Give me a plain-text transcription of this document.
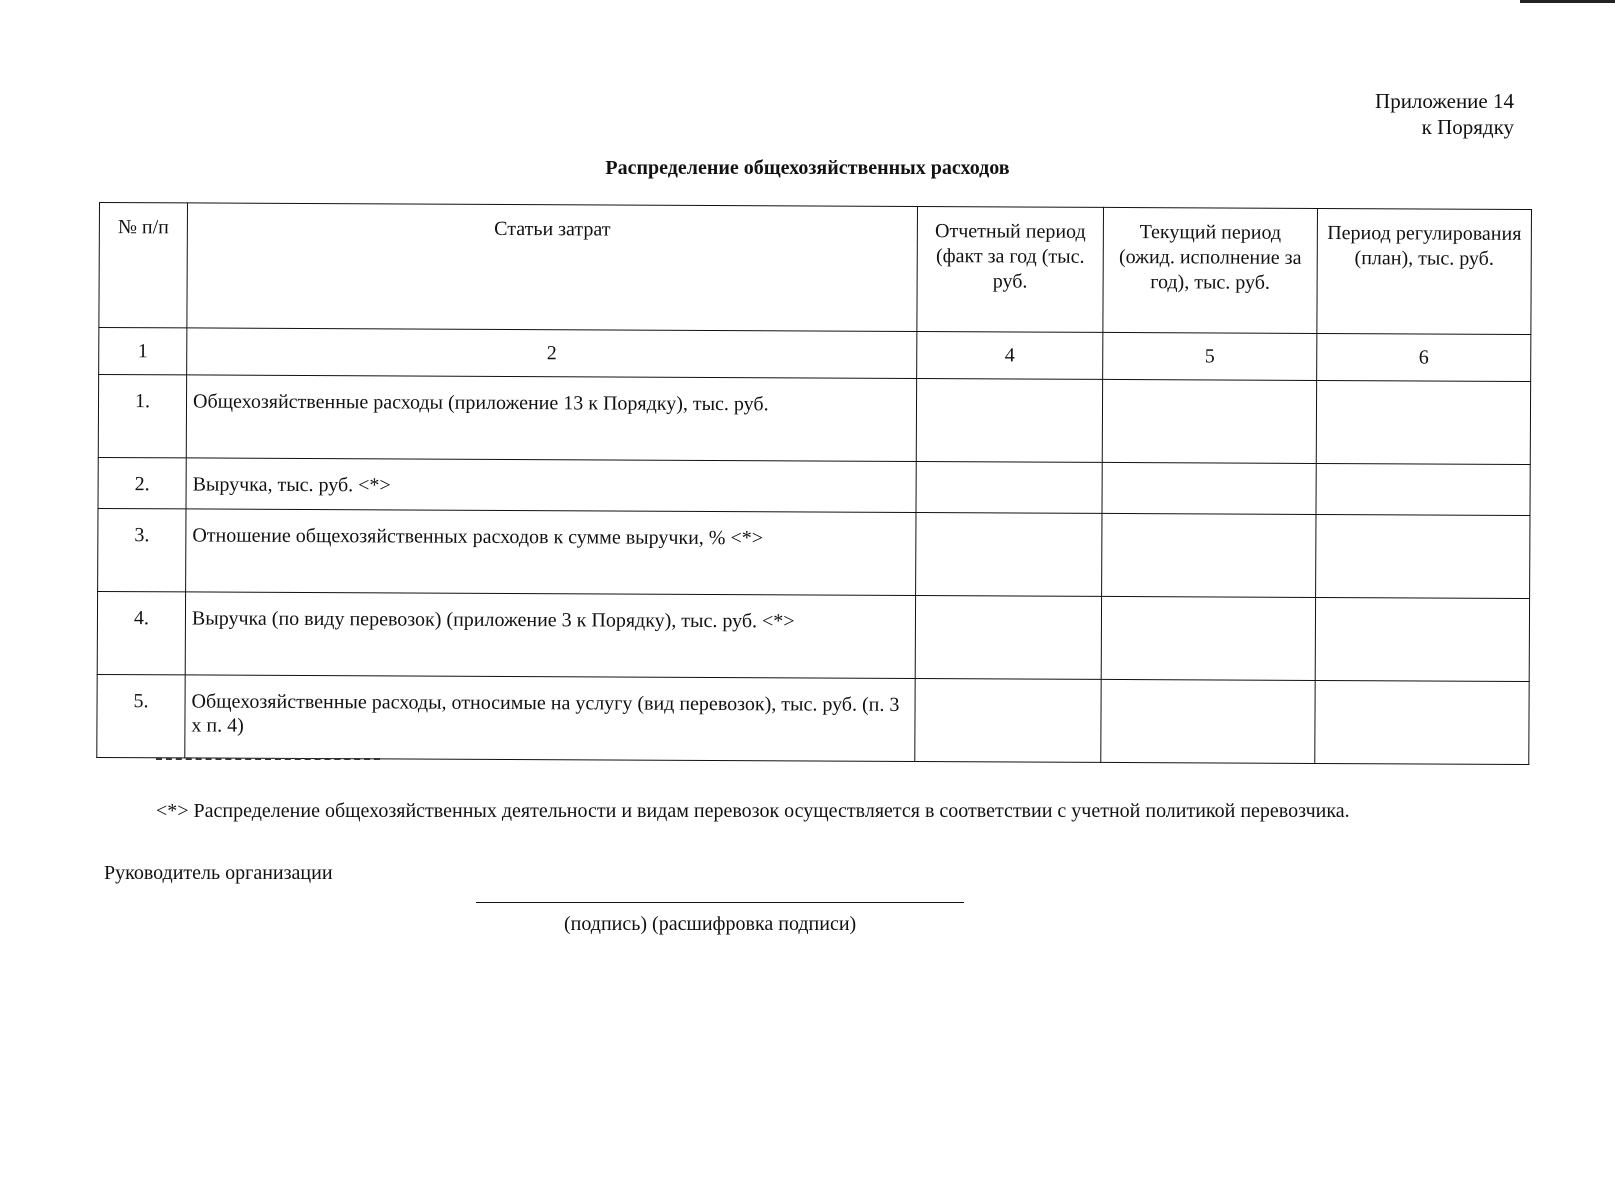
Приложение 14
к Порядку
Распределение общехозяйственных расходов
№ п/п	Статьи затрат	Отчетный период (факт за год (тыс. руб.	Текущий период (ожид. исполнение за год), тыс. руб.	Период регулирования (план), тыс. руб.

1	2	4	5	6
1.	Общехозяйственные расходы (приложение 13 к Порядку), тыс. руб.			
2.	Выручка, тыс. руб. <*>			
3.	Отношение общехозяйственных расходов к сумме выручки, % <*>			
4.	Выручка (по виду перевозок) (приложение 3 к Порядку), тыс. руб. <*>			
5.	Общехозяйственные расходы, относимые на услугу (вид перевозок), тыс. руб. (п. 3 х п. 4)			
<*> Распределение общехозяйственных деятельности и видам перевозок осуществляется в соответствии с учетной политикой перевозчика.
Руководитель организации
(подпись) (расшифровка подписи)
